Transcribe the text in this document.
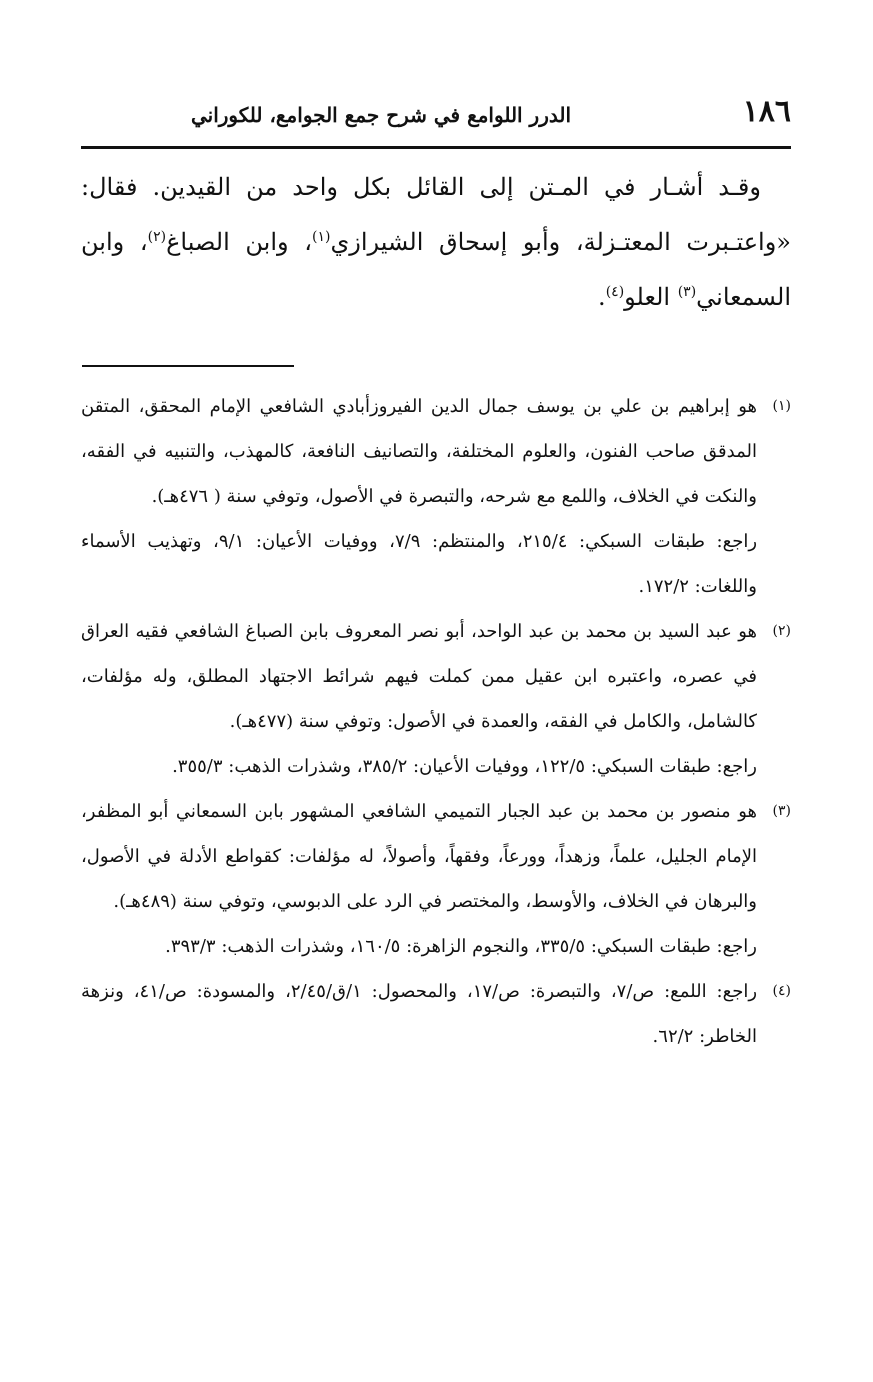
١٨٦
الدرر اللوامع في شرح جمع الجوامع، للكوراني

وقـد أشـار في المـتن إلى القائل بكل واحد من القيدين. فقال: «واعتـبرت المعتـزلة، وأبو إسحاق الشيرازي$^{(١)}$، وابن الصباغ$^{(٢)}$، وابن السمعاني$^{(٣)}$ العلو$^{(٤)}$.

(١)
هو إبراهيم بن علي بن يوسف جمال الدين الفيروزأبادي الشافعي الإمام المحقق، المتقن المدقق صاحب الفنون، والعلوم المختلفة، والتصانيف النافعة، كالمهذب، والتنبيه في الفقه، والنكت في الخلاف، واللمع مع شرحه، والتبصرة في الأصول، وتوفي سنة ( ٤٧٦هـ).

راجع: طبقات السبكي: ٢١٥/٤، والمنتظم: ٧/٩، ووفيات الأعيان: ٩/١، وتهذيب الأسماء واللغات: ١٧٢/٢.

(٢)
هو عبد السيد بن محمد بن عبد الواحد، أبو نصر المعروف بابن الصباغ الشافعي فقيه العراق في عصره، واعتبره ابن عقيل ممن كملت فيهم شرائط الاجتهاد المطلق، وله مؤلفات، كالشامل، والكامل في الفقه، والعمدة في الأصول: وتوفي سنة (٤٧٧هـ).

راجع: طبقات السبكي: ١٢٢/٥، ووفيات الأعيان: ٣٨٥/٢، وشذرات الذهب: ٣٥٥/٣.

(٣)
هو منصور بن محمد بن عبد الجبار التميمي الشافعي المشهور بابن السمعاني أبو المظفر، الإمام الجليل، علماً، وزهداً، وورعاً، وفقهاً، وأصولاً، له مؤلفات: كقواطع الأدلة في الأصول، والبرهان في الخلاف، والأوسط، والمختصر في الرد على الدبوسي، وتوفي سنة (٤٨٩هـ).

راجع: طبقات السبكي: ٣٣٥/٥، والنجوم الزاهرة: ١٦٠/٥، وشذرات الذهب: ٣٩٣/٣.

(٤)
راجع: اللمع: ص/٧، والتبصرة: ص/١٧، والمحصول: ١/ق/٢/٤٥، والمسودة: ص/٤١، ونزهة الخاطر: ٦٢/٢.
